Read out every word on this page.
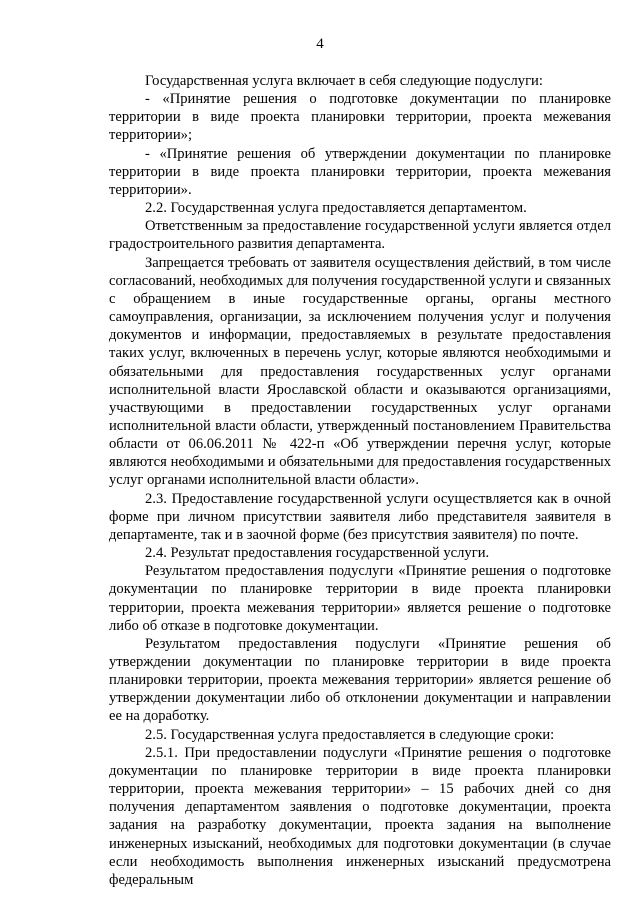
4

Государственная услуга включает в себя следующие подуслуги:

- «Принятие решения о подготовке документации по планировке территории в виде проекта планировки территории, проекта межевания территории»;

- «Принятие решения об утверждении документации по планировке территории в виде проекта планировки территории, проекта межевания территории».

2.2. Государственная услуга предоставляется департаментом.

Ответственным за предоставление государственной услуги является отдел градостроительного развития департамента.

Запрещается требовать от заявителя осуществления действий, в том числе согласований, необходимых для получения государственной услуги и связанных с обращением в иные государственные органы, органы местного самоуправления, организации, за исключением получения услуг и получения документов и информации, предоставляемых в результате предоставления таких услуг, включенных в перечень услуг, которые являются необходимыми и обязательными для предоставления государственных услуг органами исполнительной власти Ярославской области и оказываются организациями, участвующими в предоставлении государственных услуг органами исполнительной власти области, утвержденный постановлением Правительства области от 06.06.2011 № 422-п «Об утверждении перечня услуг, которые являются необходимыми и обязательными для предоставления государственных услуг органами исполнительной власти области».

2.3. Предоставление государственной услуги осуществляется как в очной форме при личном присутствии заявителя либо представителя заявителя в департаменте, так и в заочной форме (без присутствия заявителя) по почте.

2.4. Результат предоставления государственной услуги.

Результатом предоставления подуслуги «Принятие решения о подготовке документации по планировке территории в виде проекта планировки территории, проекта межевания территории» является решение о подготовке либо об отказе в подготовке документации.

Результатом предоставления подуслуги «Принятие решения об утверждении документации по планировке территории в виде проекта планировки территории, проекта межевания территории» является решение об утверждении документации либо об отклонении документации и направлении ее на доработку.

2.5. Государственная услуга предоставляется в следующие сроки:

2.5.1. При предоставлении подуслуги «Принятие решения о подготовке документации по планировке территории в виде проекта планировки территории, проекта межевания территории» – 15 рабочих дней со дня получения департаментом заявления о подготовке документации, проекта задания на разработку документации, проекта задания на выполнение инженерных изысканий, необходимых для подготовки документации (в случае если необходимость выполнения инженерных изысканий предусмотрена федеральным
